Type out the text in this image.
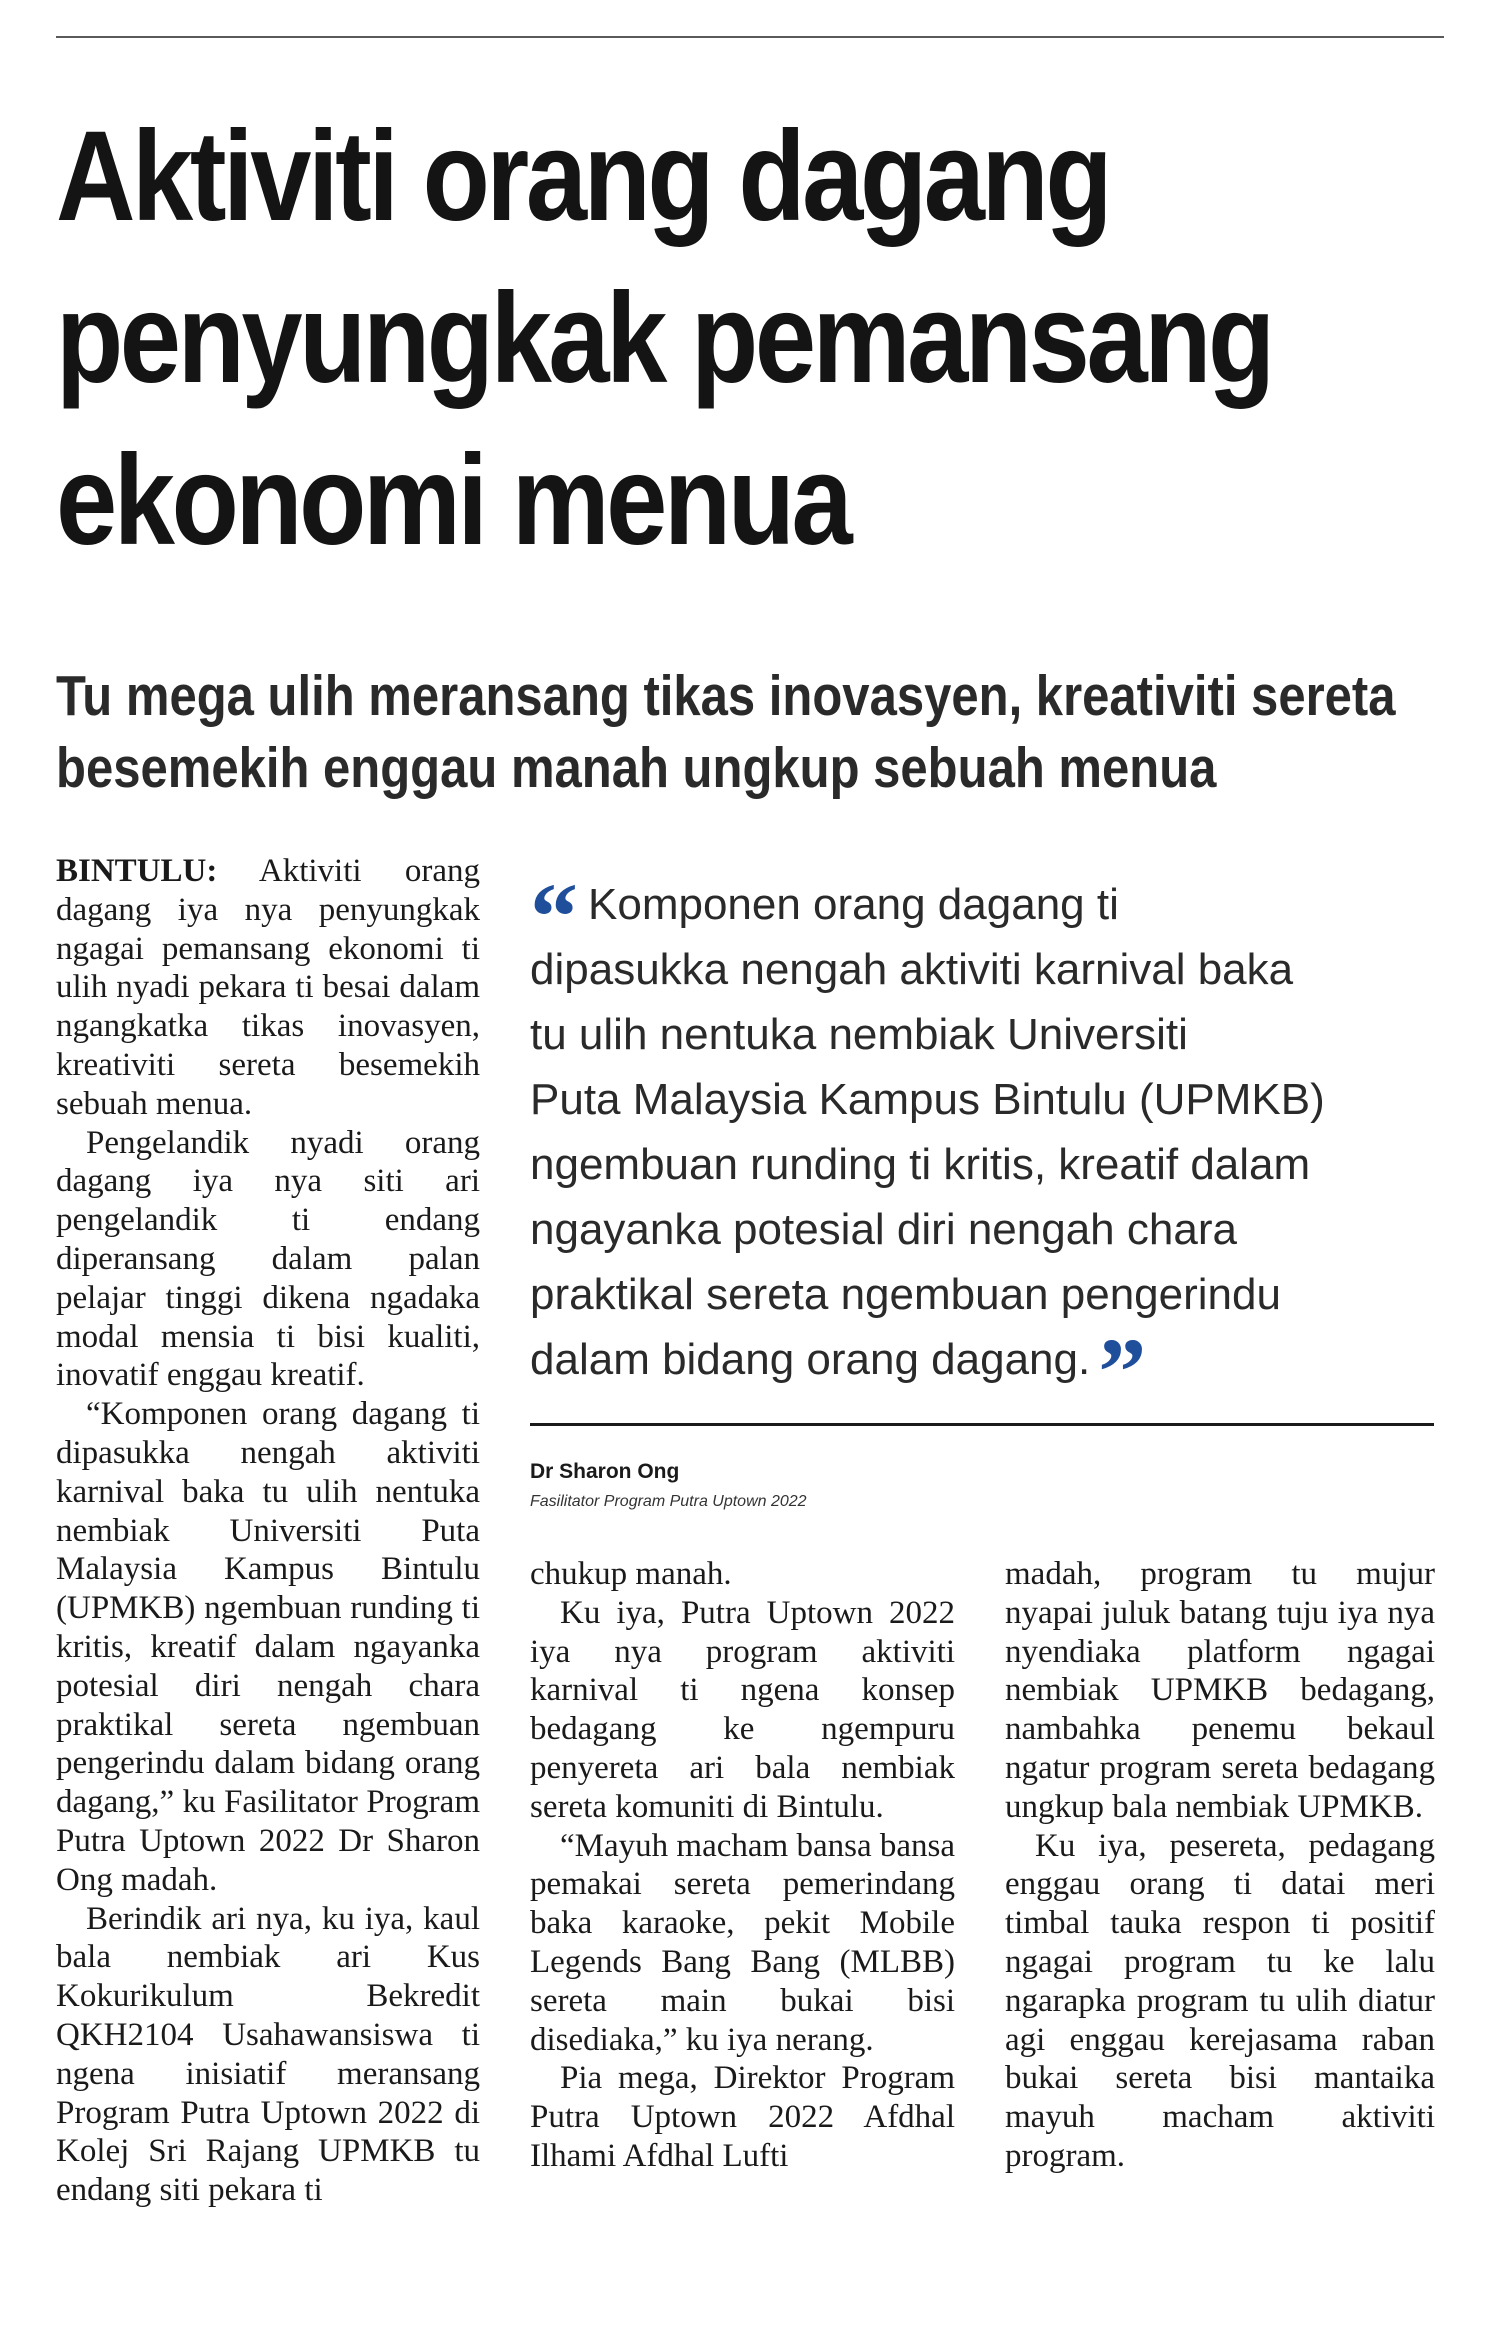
Aktiviti orang dagang
penyungkak pemansang
ekonomi menua
Tu mega ulih meransang tikas inovasyen, kreativiti sereta
besemekih enggau manah ungkup sebuah menua

BINTULU: Aktiviti orang dagang iya nya penyungkak ngagai pemansang ekonomi ti ulih nyadi pekara ti besai dalam ngangkatka tikas inovasyen, kreativiti sereta besemekih sebuah menua.

Pengelandik nyadi orang dagang iya nya siti ari pengelandik ti endang diperansang dalam palan pelajar tinggi dikena ngadaka modal mensia ti bisi kualiti, inovatif enggau kreatif.

“Komponen orang dagang ti dipasukka nengah aktiviti karnival baka tu ulih nentuka nembiak Universiti Puta Malaysia Kampus Bintulu (UPMKB) ngembuan runding ti kritis, kreatif dalam ngayanka potesial diri nengah chara praktikal sereta ngembuan pengerindu dalam bidang orang dagang,” ku Fasilitator Program Putra Uptown 2022 Dr Sharon Ong madah.

Berindik ari nya, ku iya, kaul bala nembiak ari Kus Kokurikulum Bekredit QKH2104 Usahawansiswa ti ngena inisiatif meransang Program Putra Uptown 2022 di Kolej Sri Rajang UPMKB tu endang siti pekara ti

“ Komponen orang dagang ti
dipasukka nengah aktiviti karnival baka
tu ulih nentuka nembiak Universiti
Puta Malaysia Kampus Bintulu (UPMKB)
ngembuan runding ti kritis, kreatif dalam
ngayanka potesial diri nengah chara
praktikal sereta ngembuan pengerindu
dalam bidang orang dagang.”
Dr Sharon Ong
Fasilitator Program Putra Uptown 2022

chukup manah.

Ku iya, Putra Uptown 2022 iya nya program aktiviti karnival ti ngena konsep bedagang ke ngempuru penyereta ari bala nembiak sereta komuniti di Bintulu.

“Mayuh macham bansa bansa pemakai sereta pemerindang baka karaoke, pekit Mobile Legends Bang Bang (MLBB) sereta main bukai bisi disediaka,” ku iya nerang.

Pia mega, Direktor Program Putra Uptown 2022 Afdhal Ilhami Afdhal Lufti

madah, program tu mujur nyapai juluk batang tuju iya nya nyendiaka platform ngagai nembiak UPMKB bedagang, nambahka penemu bekaul ngatur program sereta bedagang ungkup bala nembiak UPMKB.

Ku iya, pesereta, pedagang enggau orang ti datai meri timbal tauka respon ti positif ngagai program tu ke lalu ngarapka program tu ulih diatur agi enggau kerejasama raban bukai sereta bisi mantaika mayuh macham aktiviti program.
